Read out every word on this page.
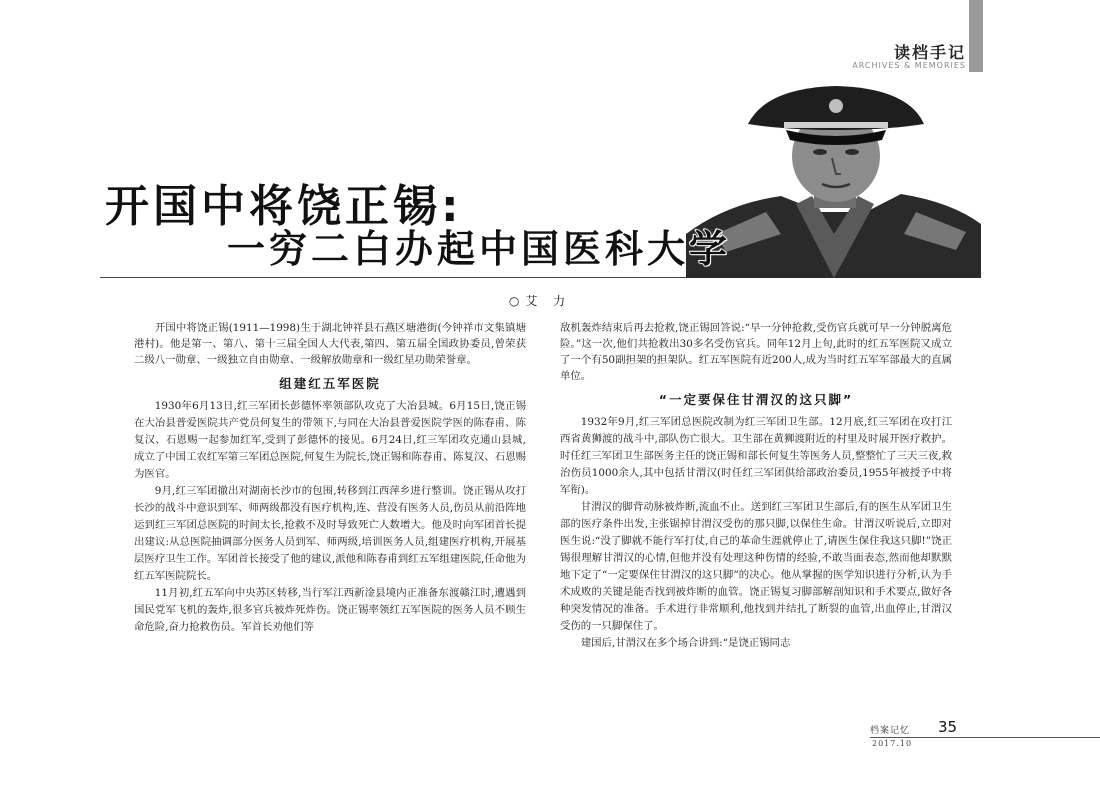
读档手记
ARCHIVES & MEMORIES
开国中将饶正锡:
一穷二白办起中国医科大学
○艾 力

开国中将饶正锡(1911—1998)生于湖北钟祥县石燕区塘港街(今钟祥市文集镇塘港村)。他是第一、第八、第十三届全国人大代表,第四、第五届全国政协委员,曾荣获二级八一勋章、一级独立自由勋章、一级解放勋章和一级红星功勋荣誉章。

组建红五军医院

1930年6月13日,红三军团长彭德怀率领部队攻克了大冶县城。6月15日,饶正锡在大冶县普爱医院共产党员何复生的带领下,与同在大冶县普爱医院学医的陈春甫、陈复汉、石恩赐一起参加红军,受到了彭德怀的接见。6月24日,红三军团攻克通山县城,成立了中国工农红军第三军团总医院,何复生为院长,饶正锡和陈春甫、陈复汉、石恩赐为医官。

9月,红三军团撤出对湖南长沙市的包围,转移到江西萍乡进行整训。饶正锡从攻打长沙的战斗中意识到军、师两级都没有医疗机构,连、营没有医务人员,伤员从前沿阵地运到红三军团总医院的时间太长,抢救不及时导致死亡人数增大。他及时向军团首长提出建议:从总医院抽调部分医务人员到军、师两级,培训医务人员,组建医疗机构,开展基层医疗卫生工作。军团首长接受了他的建议,派他和陈春甫到红五军组建医院,任命他为红五军医院院长。

11月初,红五军向中央苏区转移,当行军江西新淦县境内正准备东渡赣江时,遭遇到国民党军飞机的轰炸,很多官兵被炸死炸伤。饶正锡率领红五军医院的医务人员不顾生命危险,奋力抢救伤员。军首长劝他们等

敌机轰炸结束后再去抢救,饶正锡回答说:“早一分钟抢救,受伤官兵就可早一分钟脱离危险。”这一次,他们共抢救出30多名受伤官兵。同年12月上旬,此时的红五军医院又成立了一个有50副担架的担架队。红五军医院有近200人,成为当时红五军军部最大的直属单位。

“一定要保住甘渭汉的这只脚”

1932年9月,红三军团总医院改制为红三军团卫生部。12月底,红三军团在攻打江西省黄狮渡的战斗中,部队伤亡很大。卫生部在黄狮渡附近的村里及时展开医疗救护。时任红三军团卫生部医务主任的饶正锡和部长何复生等医务人员,整整忙了三天三夜,救治伤员1000余人,其中包括甘渭汉(时任红三军团供给部政治委员,1955年被授予中将军衔)。

甘渭汉的脚背动脉被炸断,流血不止。送到红三军团卫生部后,有的医生从军团卫生部的医疗条件出发,主张锯掉甘渭汉受伤的那只脚,以保住生命。甘渭汉听说后,立即对医生说:“没了脚就不能行军打仗,自己的革命生涯就停止了,请医生保住我这只脚!”饶正锡很理解甘渭汉的心情,但他并没有处理这种伤情的经验,不敢当面表态,然而他却默默地下定了“一定要保住甘渭汉的这只脚”的决心。他从掌握的医学知识进行分析,认为手术成败的关键是能否找到被炸断的血管。饶正锡复习脚部解剖知识和手术要点,做好各种突发情况的准备。手术进行非常顺利,他找到并结扎了断裂的血管,出血停止,甘渭汉受伤的一只脚保住了。

建国后,甘渭汉在多个场合讲到:“是饶正锡同志

档案记忆 35
2017.10
